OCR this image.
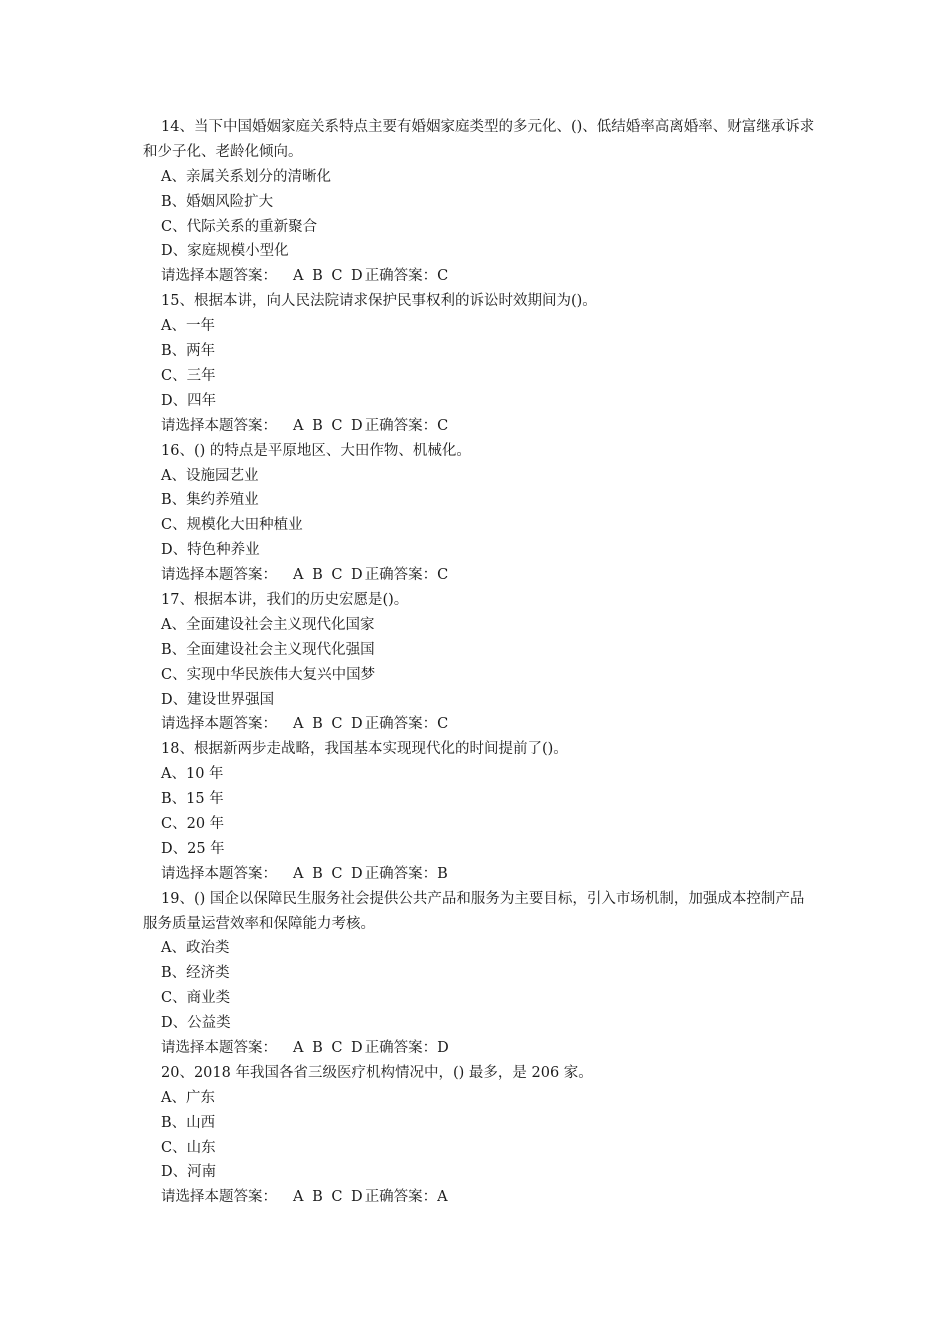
14、当下中国婚姻家庭关系特点主要有婚姻家庭类型的多元化、()、低结婚率高离婚率、财富继承诉求和少子化、老龄化倾向。
A、亲属关系划分的清晰化
B、婚姻风险扩大
C、代际关系的重新聚合
D、家庭规模小型化
请选择本题答案： A B C D正确答案：C
15、根据本讲，向人民法院请求保护民事权利的诉讼时效期间为()。
A、一年
B、两年
C、三年
D、四年
请选择本题答案： A B C D正确答案：C
16、() 的特点是平原地区、大田作物、机械化。
A、设施园艺业
B、集约养殖业
C、规模化大田种植业
D、特色种养业
请选择本题答案： A B C D正确答案：C
17、根据本讲，我们的历史宏愿是()。
A、全面建设社会主义现代化国家
B、全面建设社会主义现代化强国
C、实现中华民族伟大复兴中国梦
D、建设世界强国
请选择本题答案： A B C D正确答案：C
18、根据新两步走战略，我国基本实现现代化的时间提前了()。
A、10 年
B、15 年
C、20 年
D、25 年
请选择本题答案： A B C D正确答案：B
19、() 国企以保障民生服务社会提供公共产品和服务为主要目标，引入市场机制，加强成本控制产品服务质量运营效率和保障能力考核。
A、政治类
B、经济类
C、商业类
D、公益类
请选择本题答案： A B C D正确答案：D
20、2018 年我国各省三级医疗机构情况中，() 最多，是 206 家。
A、广东
B、山西
C、山东
D、河南
请选择本题答案： A B C D正确答案：A
